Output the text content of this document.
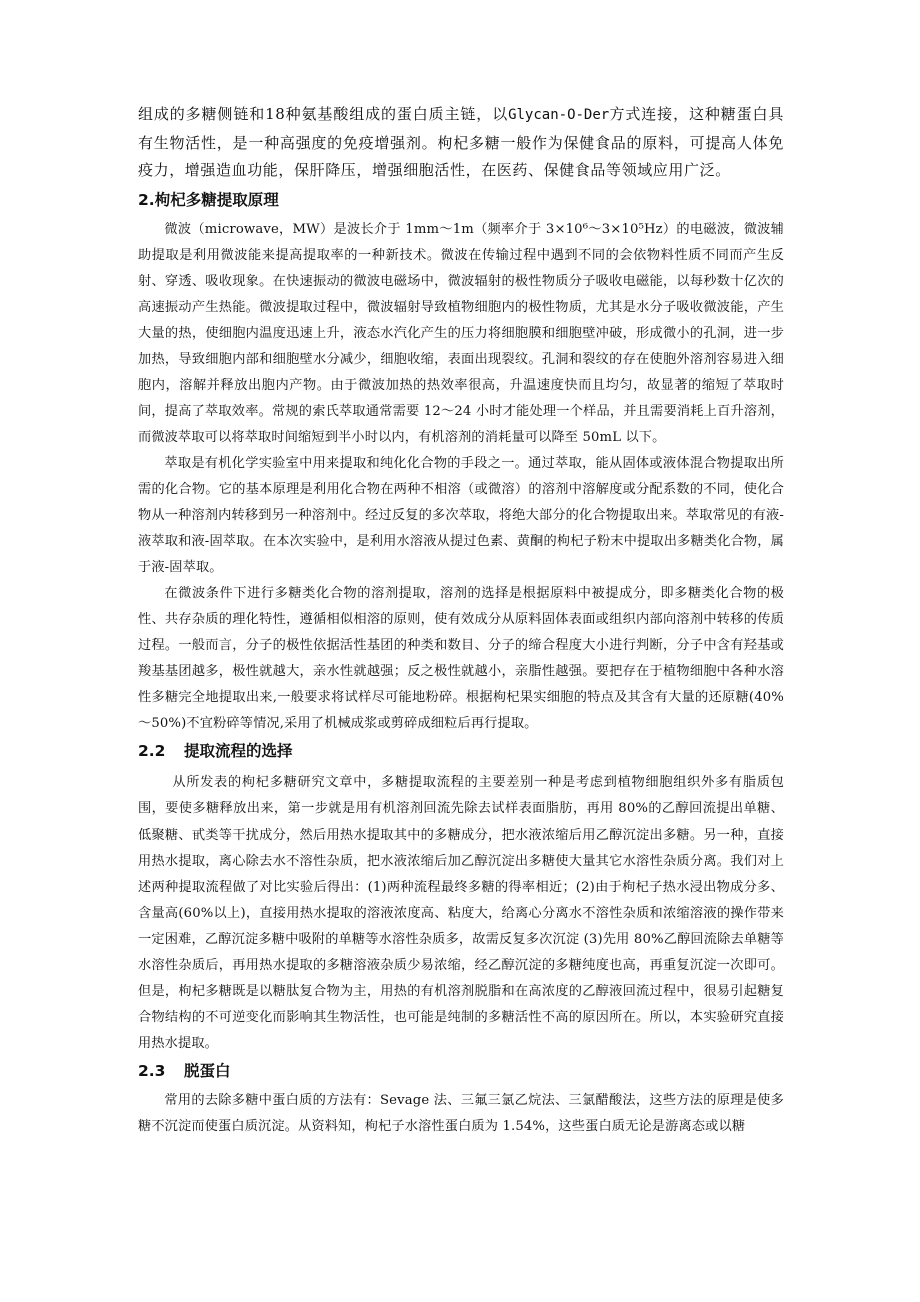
组成的多糖侧链和18种氨基酸组成的蛋白质主链，以Glycan-O-Der方式连接，这种糖蛋白具有生物活性，是一种高强度的免疫增强剂。枸杞多糖一般作为保健食品的原料，可提高人体免疫力，增强造血功能，保肝降压，增强细胞活性，在医药、保健食品等领域应用广泛。

2.枸杞多糖提取原理

微波（microwave，MW）是波长介于 1mm～1m（频率介于 3×10⁶～3×10⁵Hz）的电磁波，微波辅助提取是利用微波能来提高提取率的一种新技术。微波在传输过程中遇到不同的会依物料性质不同而产生反射、穿透、吸收现象。在快速振动的微波电磁场中，微波辐射的极性物质分子吸收电磁能，以每秒数十亿次的高速振动产生热能。微波提取过程中，微波辐射导致植物细胞内的极性物质，尤其是水分子吸收微波能，产生大量的热，使细胞内温度迅速上升，液态水汽化产生的压力将细胞膜和细胞壁冲破，形成微小的孔洞，进一步加热，导致细胞内部和细胞壁水分减少，细胞收缩，表面出现裂纹。孔洞和裂纹的存在使胞外溶剂容易进入细胞内，溶解并释放出胞内产物。由于微波加热的热效率很高，升温速度快而且均匀，故显著的缩短了萃取时间，提高了萃取效率。常规的索氏萃取通常需要 12～24 小时才能处理一个样品，并且需要消耗上百升溶剂，而微波萃取可以将萃取时间缩短到半小时以内，有机溶剂的消耗量可以降至 50mL 以下。

萃取是有机化学实验室中用来提取和纯化化合物的手段之一。通过萃取，能从固体或液体混合物提取出所需的化合物。它的基本原理是利用化合物在两种不相溶（或微溶）的溶剂中溶解度或分配系数的不同，使化合物从一种溶剂内转移到另一种溶剂中。经过反复的多次萃取，将绝大部分的化合物提取出来。萃取常见的有液-液萃取和液-固萃取。在本次实验中，是利用水溶液从提过色素、黄酮的枸杞子粉末中提取出多糖类化合物，属于液-固萃取。

在微波条件下进行多糖类化合物的溶剂提取，溶剂的选择是根据原料中被提成分，即多糖类化合物的极性、共存杂质的理化特性，遵循相似相溶的原则，使有效成分从原料固体表面或组织内部向溶剂中转移的传质过程。一般而言，分子的极性依据活性基团的种类和数目、分子的缔合程度大小进行判断，分子中含有羟基或羧基基团越多，极性就越大，亲水性就越强；反之极性就越小，亲脂性越强。要把存在于植物细胞中各种水溶性多糖完全地提取出来,一般要求将试样尽可能地粉碎。根据枸杞果实细胞的特点及其含有大量的还原糖(40%～50%)不宜粉碎等情况,采用了机械成浆或剪碎成细粒后再行提取。

2.2 提取流程的选择

从所发表的枸杞多糖研究文章中，多糖提取流程的主要差别一种是考虑到植物细胞组织外多有脂质包围，要使多糖释放出来，第一步就是用有机溶剂回流先除去试样表面脂肪，再用 80%的乙醇回流提出单糖、低聚糖、甙类等干扰成分，然后用热水提取其中的多糖成分，把水液浓缩后用乙醇沉淀出多糖。另一种，直接用热水提取，离心除去水不溶性杂质，把水液浓缩后加乙醇沉淀出多糖使大量其它水溶性杂质分离。我们对上述两种提取流程做了对比实验后得出：(1)两种流程最终多糖的得率相近；(2)由于枸杞子热水浸出物成分多、含量高(60%以上)，直接用热水提取的溶液浓度高、粘度大，给离心分离水不溶性杂质和浓缩溶液的操作带来一定困难，乙醇沉淀多糖中吸附的单糖等水溶性杂质多，故需反复多次沉淀 (3)先用 80%乙醇回流除去单糖等水溶性杂质后，再用热水提取的多糖溶液杂质少易浓缩，经乙醇沉淀的多糖纯度也高，再重复沉淀一次即可。但是，枸杞多糖既是以糖肽复合物为主，用热的有机溶剂脱脂和在高浓度的乙醇液回流过程中，很易引起糖复合物结构的不可逆变化而影响其生物活性，也可能是纯制的多糖活性不高的原因所在。所以，本实验研究直接用热水提取。

2.3 脱蛋白

常用的去除多糖中蛋白质的方法有：Sevage 法、三氟三氯乙烷法、三氯醋酸法，这些方法的原理是使多糖不沉淀而使蛋白质沉淀。从资料知，枸杞子水溶性蛋白质为 1.54%，这些蛋白质无论是游离态或以糖
